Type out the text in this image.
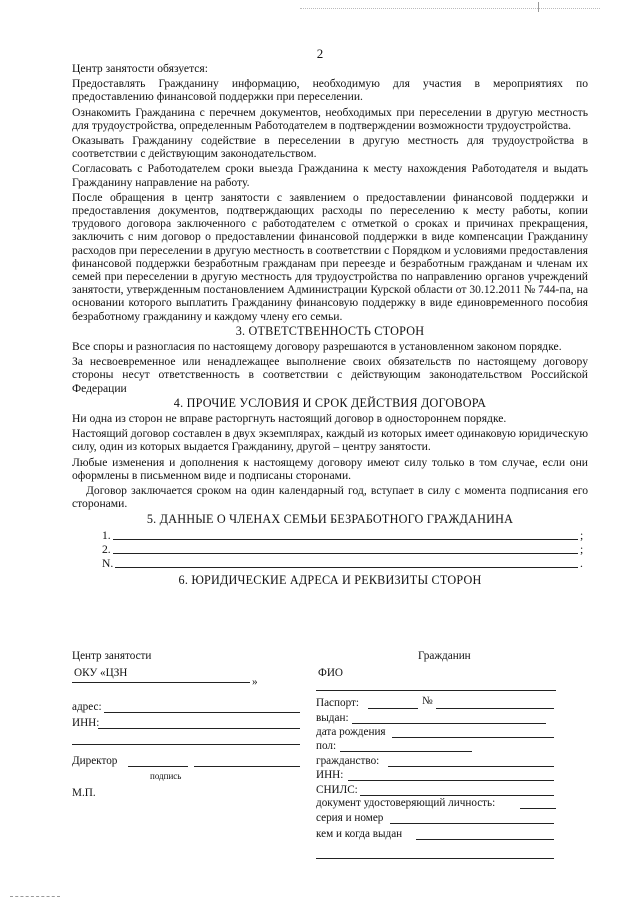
2

Центр занятости обязуется:

Предоставлять Гражданину информацию, необходимую для участия в мероприятиях по предоставлению финансовой поддержки при переселении.

Ознакомить Гражданина с перечнем документов, необходимых при переселении в другую местность для трудоустройства, определенным Работодателем в подтверждении возможности трудоустройства.

Оказывать Гражданину содействие в переселении в другую местность для трудоустройства в соответствии с действующим законодательством.

Согласовать с Работодателем сроки выезда Гражданина к месту нахождения Работодателя и выдать Гражданину направление на работу.

После обращения в центр занятости с заявлением о предоставлении финансовой поддержки и предоставления документов, подтверждающих расходы по переселению к месту работы, копии трудового договора заключенного с работодателем с отметкой о сроках и причинах прекращения, заключить с ним договор о предоставлении финансовой поддержки в виде компенсации Гражданину расходов при переселении в другую местность в соответствии с Порядком и условиями предоставления финансовой поддержки безработным гражданам при переезде и безработным гражданам и членам их семей при переселении в другую местность для трудоустройства по направлению органов учреждений занятости, утвержденным постановлением Администрации Курской области от 30.12.2011 № 744-па, на основании которого выплатить Гражданину финансовую поддержку в виде единовременного пособия безработному гражданину и каждому члену его семьи.

3. ОТВЕТСТВЕННОСТЬ СТОРОН

Все споры и разногласия по настоящему договору разрешаются в установленном законом порядке.

За несвоевременное или ненадлежащее выполнение своих обязательств по настоящему договору стороны несут ответственность в соответствии с действующим законодательством Российской Федерации

4. ПРОЧИЕ УСЛОВИЯ И СРОК ДЕЙСТВИЯ ДОГОВОРА

Ни одна из сторон не вправе расторгнуть настоящий договор в одностороннем порядке.

Настоящий договор составлен в двух экземплярах, каждый из которых имеет одинаковую юридическую силу, один из которых выдается Гражданину, другой – центру занятости.

Любые изменения и дополнения к настоящему договору имеют силу только в том случае, если они оформлены в письменном виде и подписаны сторонами.

Договор заключается сроком на один календарный год, вступает в силу с момента подписания его сторонами.

5. ДАННЫЕ О ЧЛЕНАХ СЕМЬИ БЕЗРАБОТНОГО ГРАЖДАНИНА

1.	;
2.	;
N.	.

6. ЮРИДИЧЕСКИЕ АДРЕСА И РЕКВИЗИТЫ СТОРОН

Центр занятости
ОКУ «ЦЗН
»
адрес:
ИНН:
Директор
подпись
М.П.
Гражданин
ФИО
Паспорт:	№
выдан:
дата рождения
пол:
гражданство:
ИНН:
СНИЛС:
документ удостоверяющий личность:
серия и номер
кем и когда выдан
